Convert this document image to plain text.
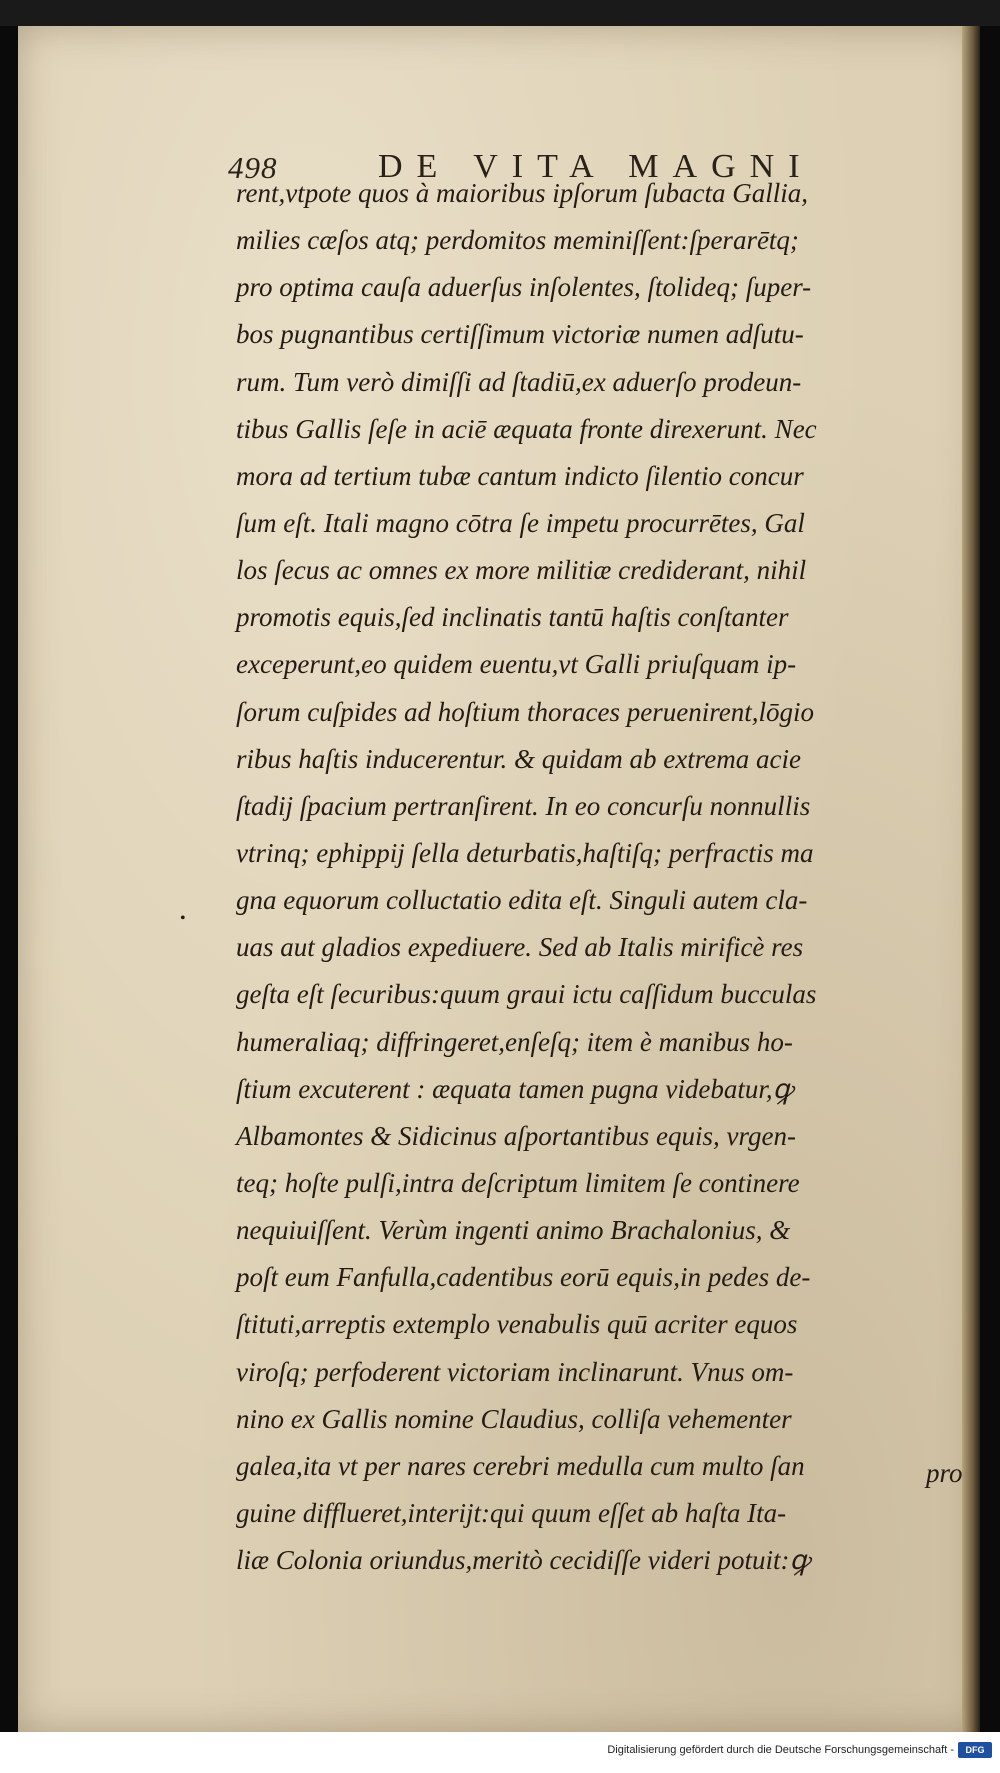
498	DE VITA MAGNI
•
rent,vtpote quos à maioribus ipſorum ſubacta Gallia,
milies cæſos atq; perdomitos meminiſſent:ſperarētq;
pro optima cauſa aduerſus inſolentes, ſtolideq; ſuper-
bos pugnantibus certiſſimum victoriæ numen adſutu-
rum. Tum verò dimiſſi ad ſtadiū,ex aduerſo prodeun-
tibus Gallis ſeſe in aciē æquata fronte direxerunt. Nec
mora ad tertium tubæ cantum indicto ſilentio concur
ſum eſt. Itali magno cōtra ſe impetu procurrētes, Gal
los ſecus ac omnes ex more militiæ crediderant, nihil
promotis equis,ſed inclinatis tantū haſtis conſtanter
exceperunt,eo quidem euentu,vt Galli priuſquam ip-
ſorum cuſpides ad hoſtium thoraces peruenirent,lōgio
ribus haſtis inducerentur. & quidam ab extrema acie
ſtadij ſpacium pertranſirent. In eo concurſu nonnullis
vtrinq; ephippij ſella deturbatis,haſtiſq; perfractis ma
gna equorum colluctatio edita eſt. Singuli autem cla-
uas aut gladios expediuere. Sed ab Italis mirificè res
geſta eſt ſecuribus:quum graui ictu caſſidum bucculas
humeraliaq; diffringeret,enſeſq; item è manibus ho-
ſtium excuterent : æquata tamen pugna videbatur,ꝙ
Albamontes & Sidicinus aſportantibus equis, vrgen-
teq; hoſte pulſi,intra deſcriptum limitem ſe continere
nequiuiſſent. Verùm ingenti animo Brachalonius, &
poſt eum Fanfulla,cadentibus eorū equis,in pedes de-
ſtituti,arreptis extemplo venabulis quū acriter equos
viroſq; perfoderent victoriam inclinarunt. Vnus om-
nino ex Gallis nomine Claudius, colliſa vehementer
galea,ita vt per nares cerebri medulla cum multo ſan
guine difflueret,interijt:qui quum eſſet ab haſta Ita-
liæ Colonia oriundus,meritò cecidiſſe videri potuit:ꝙ
pro
Digitalisierung gefördert durch die Deutsche Forschungsgemeinschaft -	DFG
